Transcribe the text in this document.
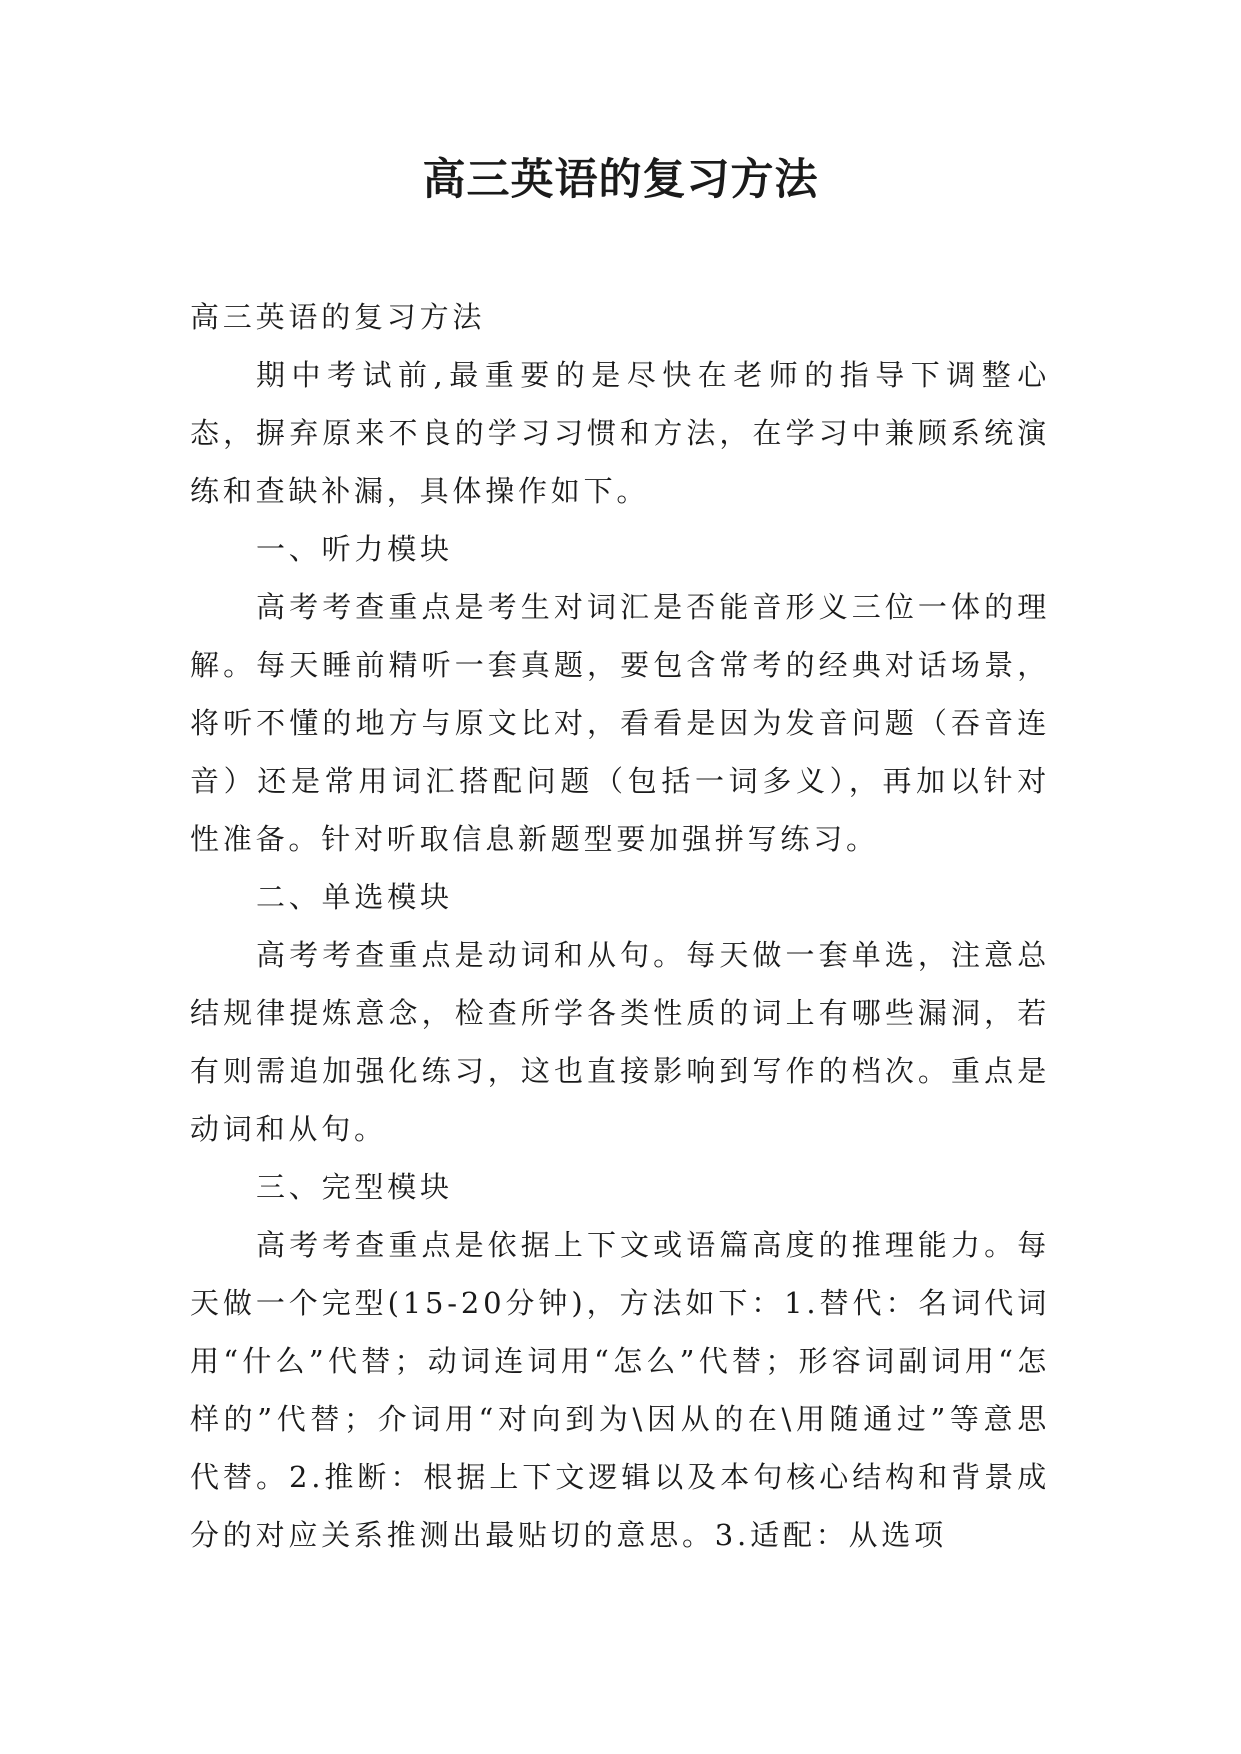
高三英语的复习方法

高三英语的复习方法

期中考试前,最重要的是尽快在老师的指导下调整心态，摒弃原来不良的学习习惯和方法，在学习中兼顾系统演练和查缺补漏，具体操作如下。

一、听力模块

高考考查重点是考生对词汇是否能音形义三位一体的理解。每天睡前精听一套真题，要包含常考的经典对话场景，将听不懂的地方与原文比对，看看是因为发音问题（吞音连音）还是常用词汇搭配问题（包括一词多义），再加以针对性准备。针对听取信息新题型要加强拼写练习。

二、单选模块

高考考查重点是动词和从句。每天做一套单选，注意总结规律提炼意念，检查所学各类性质的词上有哪些漏洞，若有则需追加强化练习，这也直接影响到写作的档次。重点是动词和从句。

三、完型模块

高考考查重点是依据上下文或语篇高度的推理能力。每天做一个完型(15-20分钟)，方法如下：1.替代：名词代词用“什么”代替；动词连词用“怎么”代替；形容词副词用“怎样的”代替；介词用“对向到为\因从的在\用随通过”等意思代替。2.推断：根据上下文逻辑以及本句核心结构和背景成分的对应关系推测出最贴切的意思。3.适配：从选项
